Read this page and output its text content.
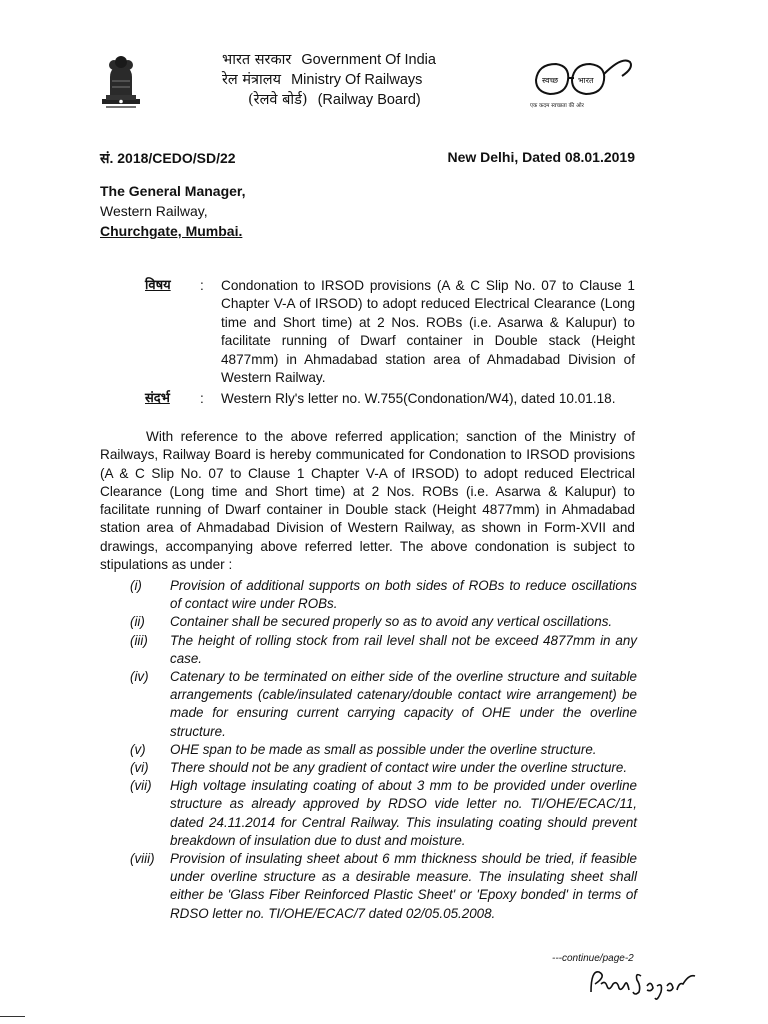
भारत सरकार Government Of India
रेल मंत्रालय Ministry Of Railways
(रेलवे बोर्ड) (Railway Board)
स्वच्छ भारत
एक कदम स्वच्छता की ओर
सं. 2018/CEDO/SD/22	New Delhi, Dated 08.01.2019
The General Manager,
Western Railway,
Churchgate, Mumbai.
विषय : Condonation to IRSOD provisions (A & C Slip No. 07 to Clause 1 Chapter V-A of IRSOD) to adopt reduced Electrical Clearance (Long time and Short time) at 2 Nos. ROBs (i.e. Asarwa & Kalupur) to facilitate running of Dwarf container in Double stack (Height 4877mm) in Ahmadabad station area of Ahmadabad Division of Western Railway.
संदर्भ : Western Rly's letter no. W.755(Condonation/W4), dated 10.01.18.
With reference to the above referred application; sanction of the Ministry of Railways, Railway Board is hereby communicated for Condonation to IRSOD provisions (A & C Slip No. 07 to Clause 1 Chapter V-A of IRSOD) to adopt reduced Electrical Clearance (Long time and Short time) at 2 Nos. ROBs (i.e. Asarwa & Kalupur) to facilitate running of Dwarf container in Double stack (Height 4877mm) in Ahmadabad station area of Ahmadabad Division of Western Railway, as shown in Form-XVII and drawings, accompanying above referred letter. The above condonation is subject to stipulations as under :
(i) Provision of additional supports on both sides of ROBs to reduce oscillations of contact wire under ROBs.
(ii) Container shall be secured properly so as to avoid any vertical oscillations.
(iii) The height of rolling stock from rail level shall not be exceed 4877mm in any case.
(iv) Catenary to be terminated on either side of the overline structure and suitable arrangements (cable/insulated catenary/double contact wire arrangement) be made for ensuring current carrying capacity of OHE under the overline structure.
(v) OHE span to be made as small as possible under the overline structure.
(vi) There should not be any gradient of contact wire under the overline structure.
(vii) High voltage insulating coating of about 3 mm to be provided under overline structure as already approved by RDSO vide letter no. TI/OHE/ECAC/11, dated 24.11.2014 for Central Railway. This insulating coating should prevent breakdown of insulation due to dust and moisture.
(viii) Provision of insulating sheet about 6 mm thickness should be tried, if feasible under overline structure as a desirable measure. The insulating sheet shall either be 'Glass Fiber Reinforced Plastic Sheet' or 'Epoxy bonded' in terms of RDSO letter no. TI/OHE/ECAC/7 dated 02/05.05.2008.
---continue/page-2
